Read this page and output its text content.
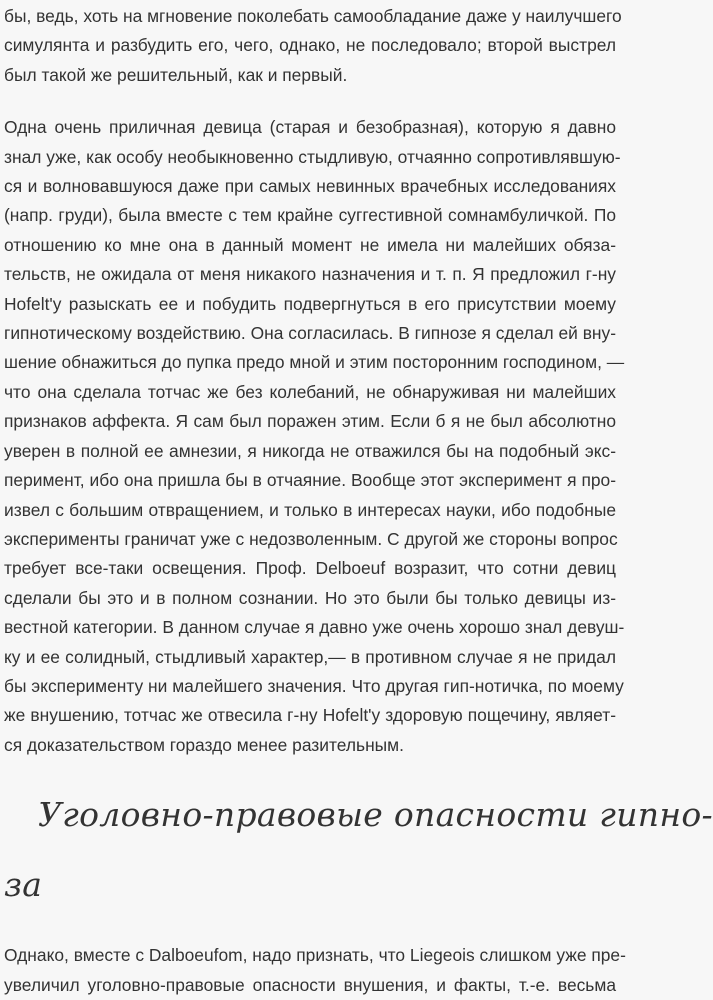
бы, ведь, хоть на мгновение поколебать самообладание даже у наилучшего
симулянта и разбудить его, чего, однако, не последовало; второй выстрел
был такой же решительный, как и первый.

Одна очень приличная девица (старая и безобразная), которую я давно
знал уже, как особу необыкновенно стыдливую, отчаянно сопротивлявшую-
ся и волновавшуюся даже при самых невинных врачебных исследованиях
(напр. груди), была вместе с тем крайне суггестивной сомнамбуличкой. По
отношению ко мне она в данный момент не имела ни малейших обяза-
тельств, не ожидала от меня никакого назначения и т. п. Я предложил г-ну
Hofelt'y разыскать ее и побудить подвергнуться в его присутствии моему
гипнотическому воздействию. Она согласилась. В гипнозе я сделал ей вну-
шение обнажиться до пупка предо мной и этим посторонним господином, —
что она сделала тотчас же без колебаний, не обнаруживая ни малейших
признаков аффекта. Я сам был поражен этим. Если б я не был абсолютно
уверен в полной ее амнезии, я никогда не отважился бы на подобный экс-
перимент, ибо она пришла бы в отчаяние. Вообще этот эксперимент я про-
извел с большим отвращением, и только в интересах науки, ибо подобные
эксперименты граничат уже с недозволенным. С другой же стороны вопрос
требует все-таки освещения. Проф. Delboeuf возразит, что сотни девиц
сделали бы это и в полном сознании. Но это были бы только девицы из-
вестной категории. В данном случае я давно уже очень хорошо знал девуш-
ку и ее солидный, стыдливый характер,— в противном случае я не придал
бы эксперименту ни малейшего значения. Что другая гип-нотичка, по моему
же внушению, тотчас же отвесила г-ну Hofelt'y здоровую пощечину, являет-
ся доказательством гораздо менее разительным.

Уголовно-правовые опасности гипно-
за

Однако, вместе с Dalboeufom, надо признать, что Liegeois слишком уже пре-
увеличил уголовно-правовые опасности внушения, и факты, т.-е. весьма
